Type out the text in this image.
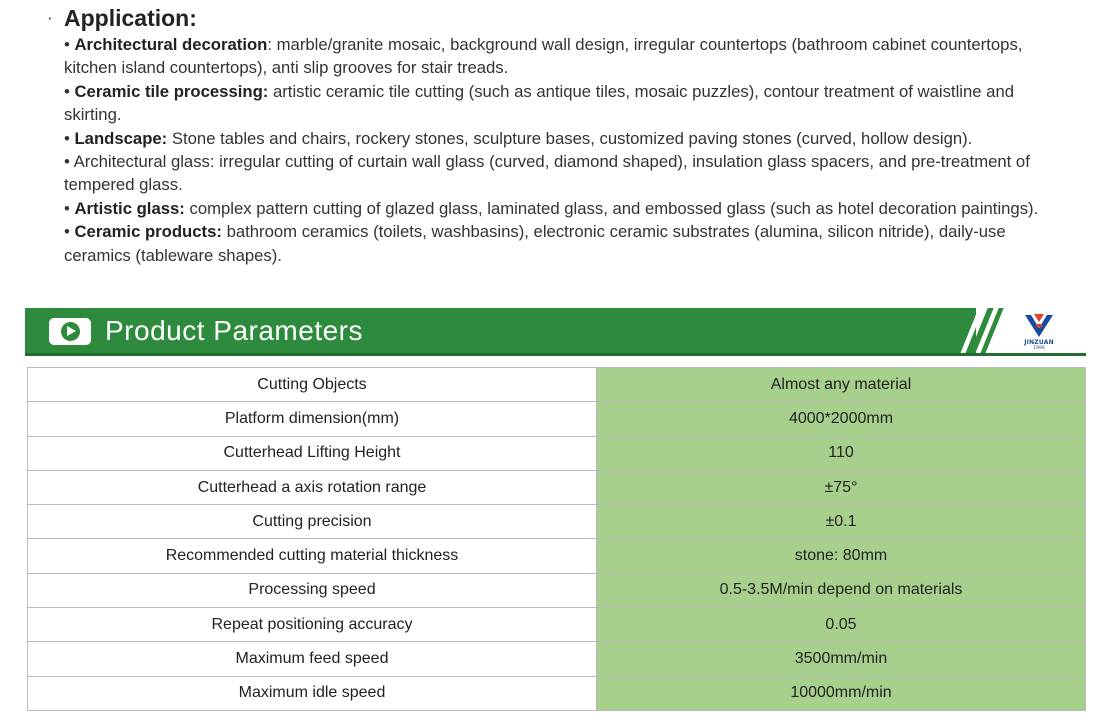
· Application:

• Architectural decoration: marble/granite mosaic, background wall design, irregular countertops (bathroom cabinet countertops, kitchen island countertops), anti slip grooves for stair treads.

• Ceramic tile processing: artistic ceramic tile cutting (such as antique tiles, mosaic puzzles), contour treatment of waistline and skirting.

• Landscape: Stone tables and chairs, rockery stones, sculpture bases, customized paving stones (curved, hollow design).

• Architectural glass: irregular cutting of curtain wall glass (curved, diamond shaped), insulation glass spacers, and pre-treatment of tempered glass.

• Artistic glass: complex pattern cutting of glazed glass, laminated glass, and embossed glass (such as hotel decoration paintings).

• Ceramic products: bathroom ceramics (toilets, washbasins), electronic ceramic substrates (alumina, silicon nitride), daily-use ceramics (tableware shapes).

Product Parameters	JINZUAN
1996
Cutting Objects	Almost any material
Platform dimension(mm)	4000*2000mm
Cutterhead Lifting Height	110
Cutterhead a axis rotation range	±75°
Cutting precision	±0.1
Recommended cutting material thickness	stone: 80mm
Processing speed	0.5-3.5M/min depend on materials
Repeat positioning accuracy	0.05
Maximum feed speed	3500mm/min
Maximum idle speed	10000mm/min
